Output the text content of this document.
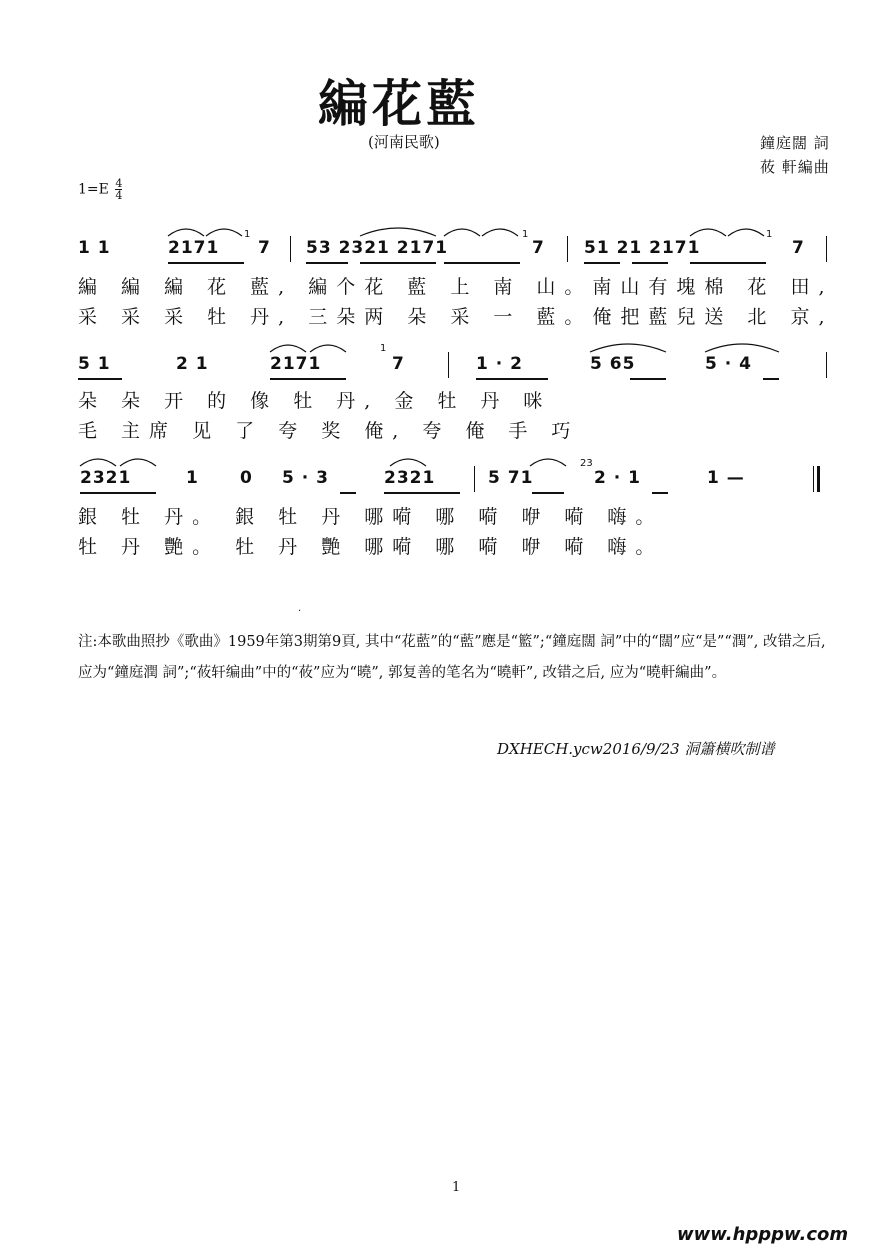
編花藍
(河南民歌)	鐘庭闊 詞
莜 軒編曲
$1=E \frac{4}{4}$
1 1	2171 7 53 2321 2171	7 51 21 2171	7
編 編 編 花 藍, 編个花 藍 上 南 山。南山有塊棉 花 田,
采 采 采 牡 丹, 三朵两 朵 采 一 藍。俺把藍兒送 北 京,
5 1	2 1	2171	7	1 · 2	5 65	5 · 4
朵 朵 开 的 像 牡 丹, 金 牡 丹 咪
毛 主席 见 了 夸 奖 俺, 夸 俺 手 巧
2321	1 0 5 · 3	2321	5 71	2 · 1	1 —
銀 牡 丹。 銀 牡 丹 哪嗬 哪 嗬 咿 嗬 嗨。
牡 丹 艷。 牡 丹 艷 哪嗬 哪 嗬 咿 嗬 嗨。
1	1	1
1
23
·
注:本歌曲照抄《歌曲》1959年第3期第9頁, 其中“花藍”的“藍”應是“籃”;“鐘庭闊 詞”中的“闊”应“是”“潤”, 改错之后, 应为“鐘庭潤 詞”;“莜轩编曲”中的“莜”应为“曉”, 郭复善的笔名为“曉軒”, 改错之后, 应为“曉軒編曲”。
DXHECH.ycw2016/9/23 洞簫横吹制谱
1
www.hpppw.com
